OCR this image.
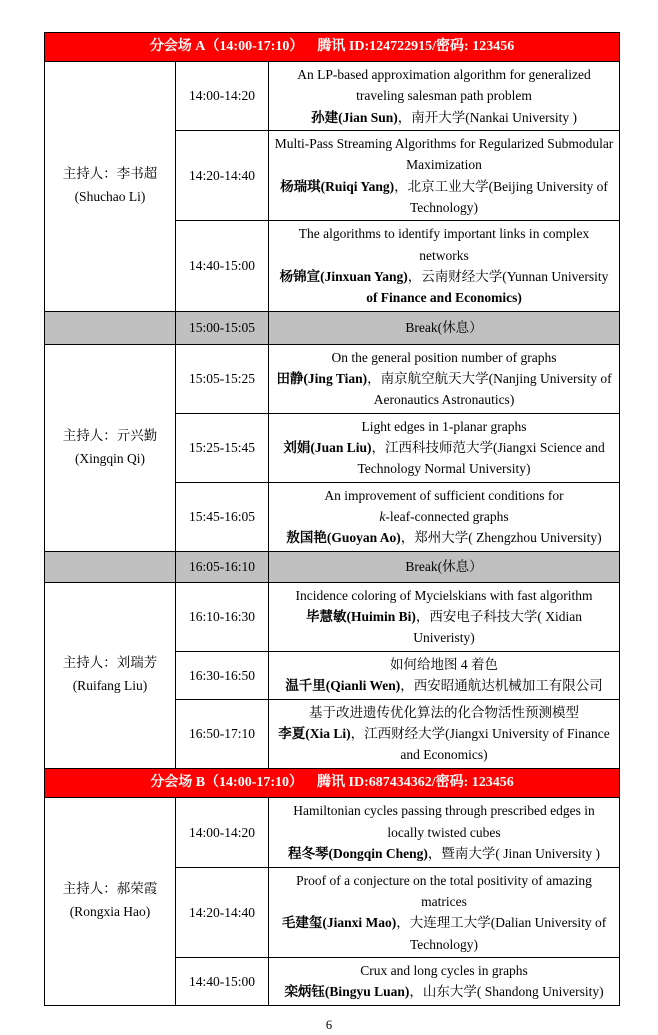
分会场 A（14:00-17:10） 腾讯 ID:124722915/密码: 123456		

主持人：李书超
(Shuchao Li)
	14:00-14:20	
An LP-based approximation algorithm for generalized traveling salesman path problem
孙建(Jian Sun)，南开大学(Nankai University )

	14:20-14:40	Multi-Pass Streaming Algorithms for Regularized Submodular Maximization
杨瑞琪(Ruiqi Yang)，北京工业大学(Beijing University of Technology)

	14:40-15:00	The algorithms to identify important links in complex networks
杨锦宣(Jinxuan Yang)，云南财经大学(Yunnan University of Finance and Economics)

	15:00-15:05	Break(休息）

主持人：亓兴勤
(Xingqin Qi)
	15:05-15:25	
On the general position number of graphs
田静(Jing Tian)，南京航空航天大学(Nanjing University of Aeronautics Astronautics)

	15:25-15:45	Light edges in 1-planar graphs
刘娟(Juan Liu)，江西科技师范大学(Jiangxi Science and Technology Normal University)

	15:45-16:05	An improvement of sufficient conditions for
k-leaf-connected graphs
敖国艳(Guoyan Ao)，郑州大学( Zhengzhou University)

	16:05-16:10	Break(休息）

主持人：刘瑞芳
(Ruifang Liu)
	16:10-16:30	
Incidence coloring of Mycielskians with fast algorithm
毕慧敏(Huimin Bi)，西安电子科技大学( Xidian Univeristy)

	16:30-16:50	如何给地图 4 着色
温千里(Qianli Wen)，西安昭通航达机械加工有限公司

	16:50-17:10	基于改进遗传优化算法的化合物活性预测模型
李夏(Xia Li)，江西财经大学(Jiangxi University of Finance and Economics)

分会场 B（14:00-17:10） 腾讯 ID:687434362/密码: 123456		

主持人：郝荣霞
(Rongxia Hao)
	14:00-14:20	
Hamiltonian cycles passing through prescribed edges in locally twisted cubes
程冬琴(Dongqin Cheng)，暨南大学( Jinan University )

	14:20-14:40	Proof of a conjecture on the total positivity of amazing matrices
毛建玺(Jianxi Mao)，大连理工大学(Dalian University of Technology)

	14:40-15:00	Crux and long cycles in graphs
栾炳钰(Bingyu Luan)，山东大学( Shandong University)
6
